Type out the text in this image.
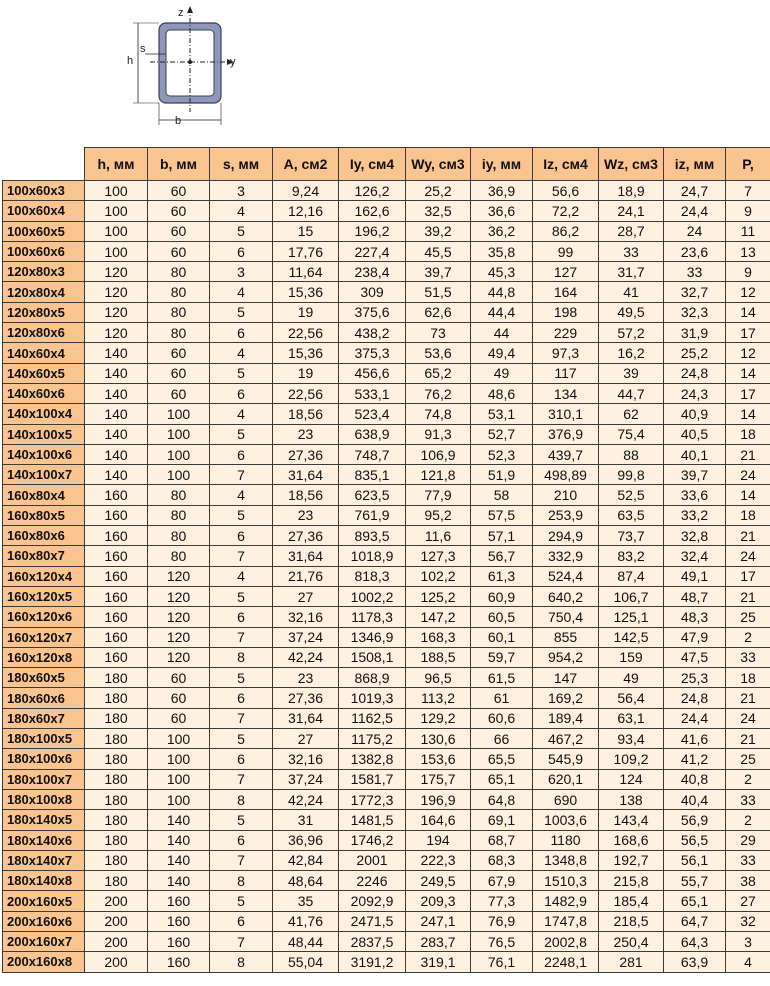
z
y
s
h
b
	h, мм	b, мм	s, мм	A, см2	Iy, см4	Wy, см3	iy, мм	Iz, см4	Wz, см3	iz, мм	P,
100x60x3	100	60	3	9,24	126,2	25,2	36,9	56,6	18,9	24,7	7
100x60x4	100	60	4	12,16	162,6	32,5	36,6	72,2	24,1	24,4	9
100x60x5	100	60	5	15	196,2	39,2	36,2	86,2	28,7	24	11
100x60x6	100	60	6	17,76	227,4	45,5	35,8	99	33	23,6	13
120x80x3	120	80	3	11,64	238,4	39,7	45,3	127	31,7	33	9
120x80x4	120	80	4	15,36	309	51,5	44,8	164	41	32,7	12
120x80x5	120	80	5	19	375,6	62,6	44,4	198	49,5	32,3	14
120x80x6	120	80	6	22,56	438,2	73	44	229	57,2	31,9	17
140x60x4	140	60	4	15,36	375,3	53,6	49,4	97,3	16,2	25,2	12
140x60x5	140	60	5	19	456,6	65,2	49	117	39	24,8	14
140x60x6	140	60	6	22,56	533,1	76,2	48,6	134	44,7	24,3	17
140x100x4	140	100	4	18,56	523,4	74,8	53,1	310,1	62	40,9	14
140x100x5	140	100	5	23	638,9	91,3	52,7	376,9	75,4	40,5	18
140x100x6	140	100	6	27,36	748,7	106,9	52,3	439,7	88	40,1	21
140x100x7	140	100	7	31,64	835,1	121,8	51,9	498,89	99,8	39,7	24
160x80x4	160	80	4	18,56	623,5	77,9	58	210	52,5	33,6	14
160x80x5	160	80	5	23	761,9	95,2	57,5	253,9	63,5	33,2	18
160x80x6	160	80	6	27,36	893,5	11,6	57,1	294,9	73,7	32,8	21
160x80x7	160	80	7	31,64	1018,9	127,3	56,7	332,9	83,2	32,4	24
160x120x4	160	120	4	21,76	818,3	102,2	61,3	524,4	87,4	49,1	17
160x120x5	160	120	5	27	1002,2	125,2	60,9	640,2	106,7	48,7	21
160x120x6	160	120	6	32,16	1178,3	147,2	60,5	750,4	125,1	48,3	25
160x120x7	160	120	7	37,24	1346,9	168,3	60,1	855	142,5	47,9	2
160x120x8	160	120	8	42,24	1508,1	188,5	59,7	954,2	159	47,5	33
180x60x5	180	60	5	23	868,9	96,5	61,5	147	49	25,3	18
180x60x6	180	60	6	27,36	1019,3	113,2	61	169,2	56,4	24,8	21
180x60x7	180	60	7	31,64	1162,5	129,2	60,6	189,4	63,1	24,4	24
180x100x5	180	100	5	27	1175,2	130,6	66	467,2	93,4	41,6	21
180x100x6	180	100	6	32,16	1382,8	153,6	65,5	545,9	109,2	41,2	25
180x100x7	180	100	7	37,24	1581,7	175,7	65,1	620,1	124	40,8	2
180x100x8	180	100	8	42,24	1772,3	196,9	64,8	690	138	40,4	33
180x140x5	180	140	5	31	1481,5	164,6	69,1	1003,6	143,4	56,9	2
180x140x6	180	140	6	36,96	1746,2	194	68,7	1180	168,6	56,5	29
180x140x7	180	140	7	42,84	2001	222,3	68,3	1348,8	192,7	56,1	33
180x140x8	180	140	8	48,64	2246	249,5	67,9	1510,3	215,8	55,7	38
200x160x5	200	160	5	35	2092,9	209,3	77,3	1482,9	185,4	65,1	27
200x160x6	200	160	6	41,76	2471,5	247,1	76,9	1747,8	218,5	64,7	32
200x160x7	200	160	7	48,44	2837,5	283,7	76,5	2002,8	250,4	64,3	3
200x160x8	200	160	8	55,04	3191,2	319,1	76,1	2248,1	281	63,9	4
